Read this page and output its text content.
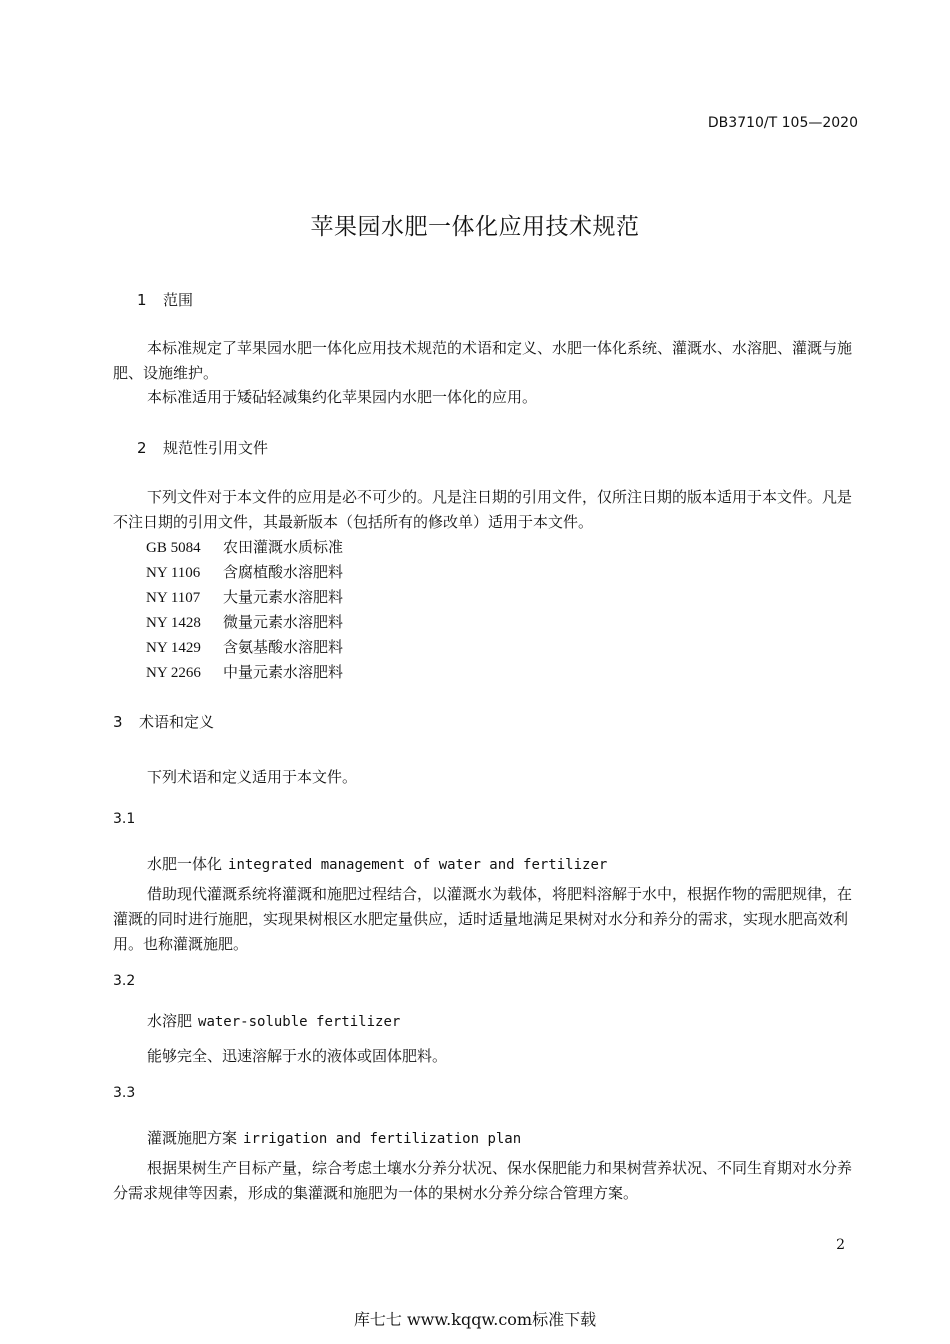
DB3710/T 105—2020
苹果园水肥一体化应用技术规范
1 范围
本标准规定了苹果园水肥一体化应用技术规范的术语和定义、水肥一体化系统、灌溉水、水溶肥、灌溉与施肥、设施维护。
本标准适用于矮砧轻减集约化苹果园内水肥一体化的应用。
2 规范性引用文件
下列文件对于本文件的应用是必不可少的。凡是注日期的引用文件，仅所注日期的版本适用于本文件。凡是不注日期的引用文件，其最新版本（包括所有的修改单）适用于本文件。
GB 5084 农田灌溉水质标准
NY 1106 含腐植酸水溶肥料
NY 1107 大量元素水溶肥料
NY 1428 微量元素水溶肥料
NY 1429 含氨基酸水溶肥料
NY 2266 中量元素水溶肥料
3 术语和定义
下列术语和定义适用于本文件。
3.1
水肥一体化 integrated management of water and fertilizer
借助现代灌溉系统将灌溉和施肥过程结合，以灌溉水为载体，将肥料溶解于水中，根据作物的需肥规律，在灌溉的同时进行施肥，实现果树根区水肥定量供应，适时适量地满足果树对水分和养分的需求，实现水肥高效利用。也称灌溉施肥。
3.2
水溶肥 water-soluble fertilizer
能够完全、迅速溶解于水的液体或固体肥料。
3.3
灌溉施肥方案 irrigation and fertilization plan
根据果树生产目标产量，综合考虑土壤水分养分状况、保水保肥能力和果树营养状况、不同生育期对水分养分需求规律等因素，形成的集灌溉和施肥为一体的果树水分养分综合管理方案。
2
库七七 www.kqqw.com标准下载
